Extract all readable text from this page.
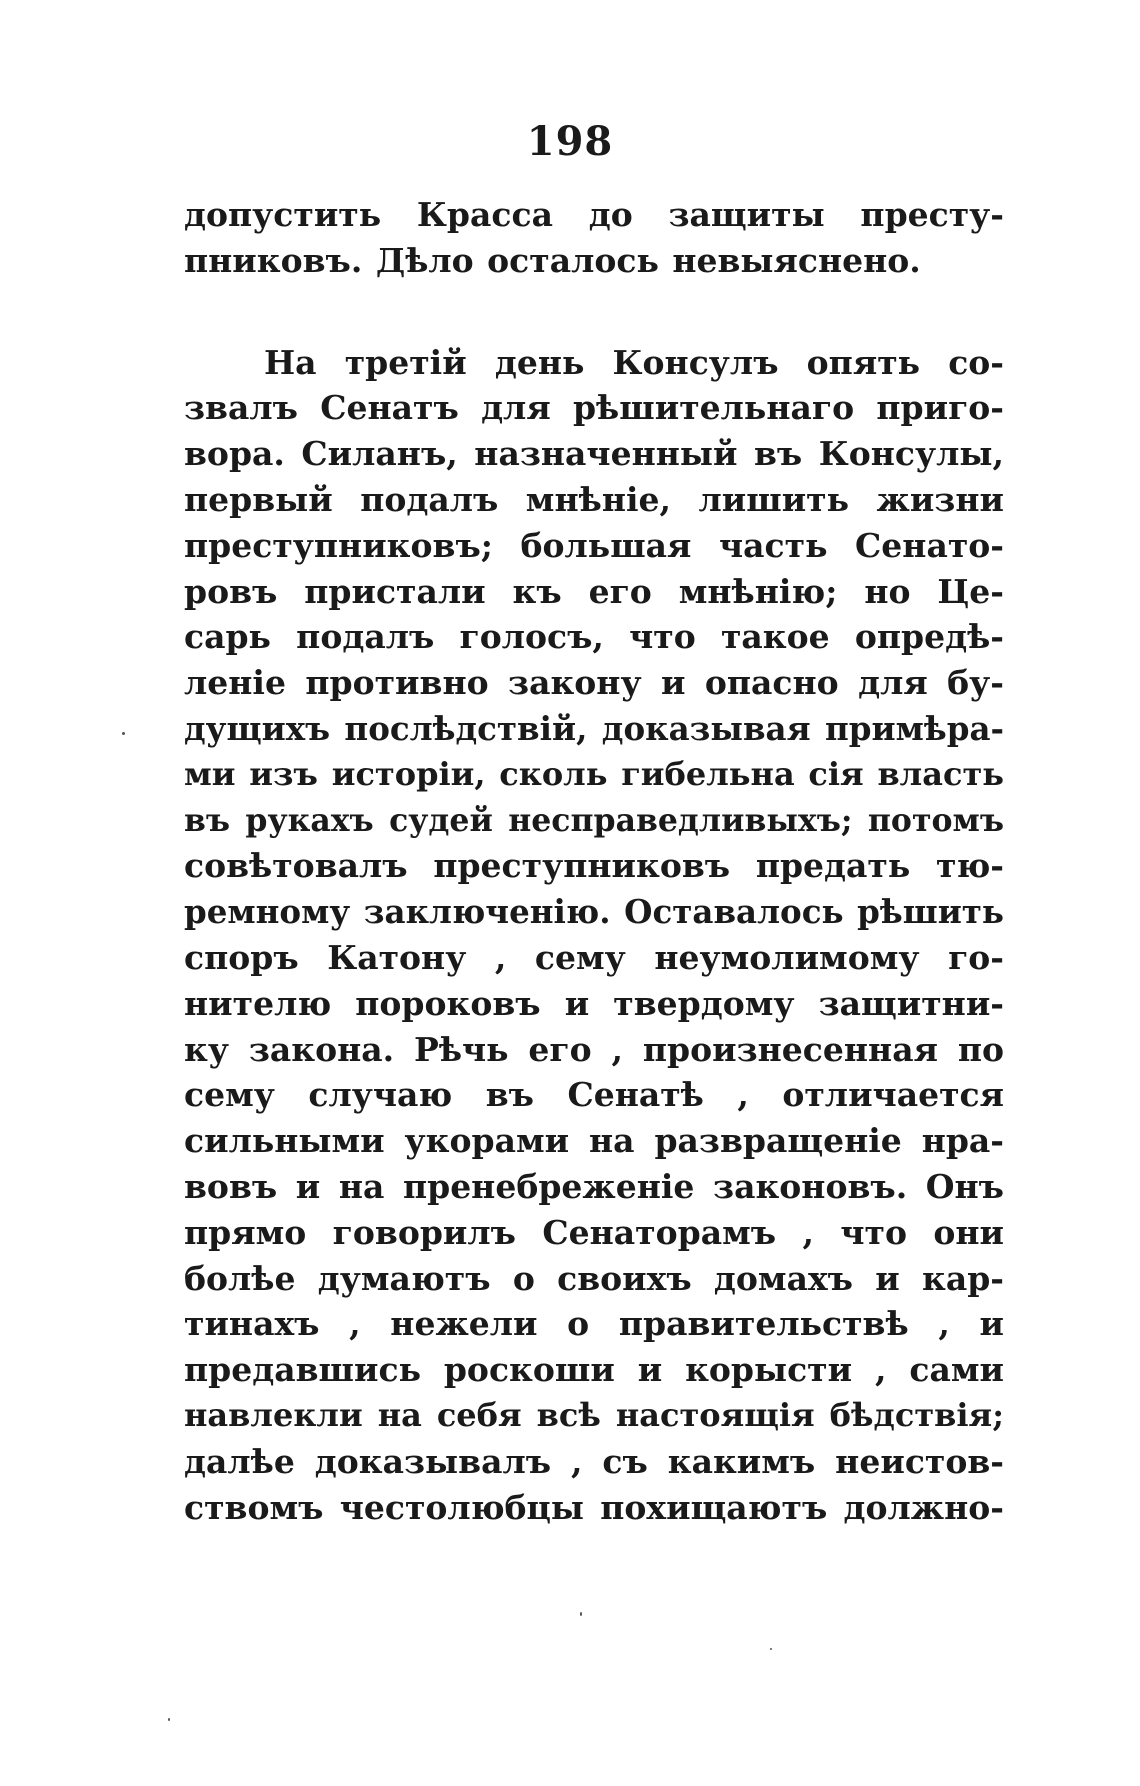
198

допустить Красса до защиты престу-
пниковъ. Дѣло осталось невыяснено.
На третій день Консулъ опять со-
звалъ Сенатъ для рѣшительнаго приго-
вора. Силанъ, назначенный въ Консулы,
первый подалъ мнѣніе, лишить жизни
преступниковъ; большая часть Сенато-
ровъ пристали къ его мнѣнію; но Це-
сарь подалъ голосъ, что такое опредѣ-
леніе противно закону и опасно для бу-
дущихъ послѣдствій, доказывая примѣра-
ми изъ исторіи, сколь гибельна сія власть
въ рукахъ судей несправедливыхъ; потомъ
совѣтовалъ преступниковъ предать тю-
ремному заключенію. Оставалось рѣшить
споръ Катону , сему неумолимому го-
нителю пороковъ и твердому защитни-
ку закона. Рѣчь его , произнесенная по
сему случаю въ Сенатѣ , отличается
сильными укорами на развращеніе нра-
вовъ и на пренебреженіе законовъ. Онъ
прямо говорилъ Сенаторамъ , что они
болѣе думаютъ о своихъ домахъ и кар-
тинахъ , нежели о правительствѣ , и
предавшись роскоши и корысти , сами
навлекли на себя всѣ настоящія бѣдствія;
далѣе доказывалъ , съ какимъ неистов-
ствомъ честолюбцы похищаютъ должно-
